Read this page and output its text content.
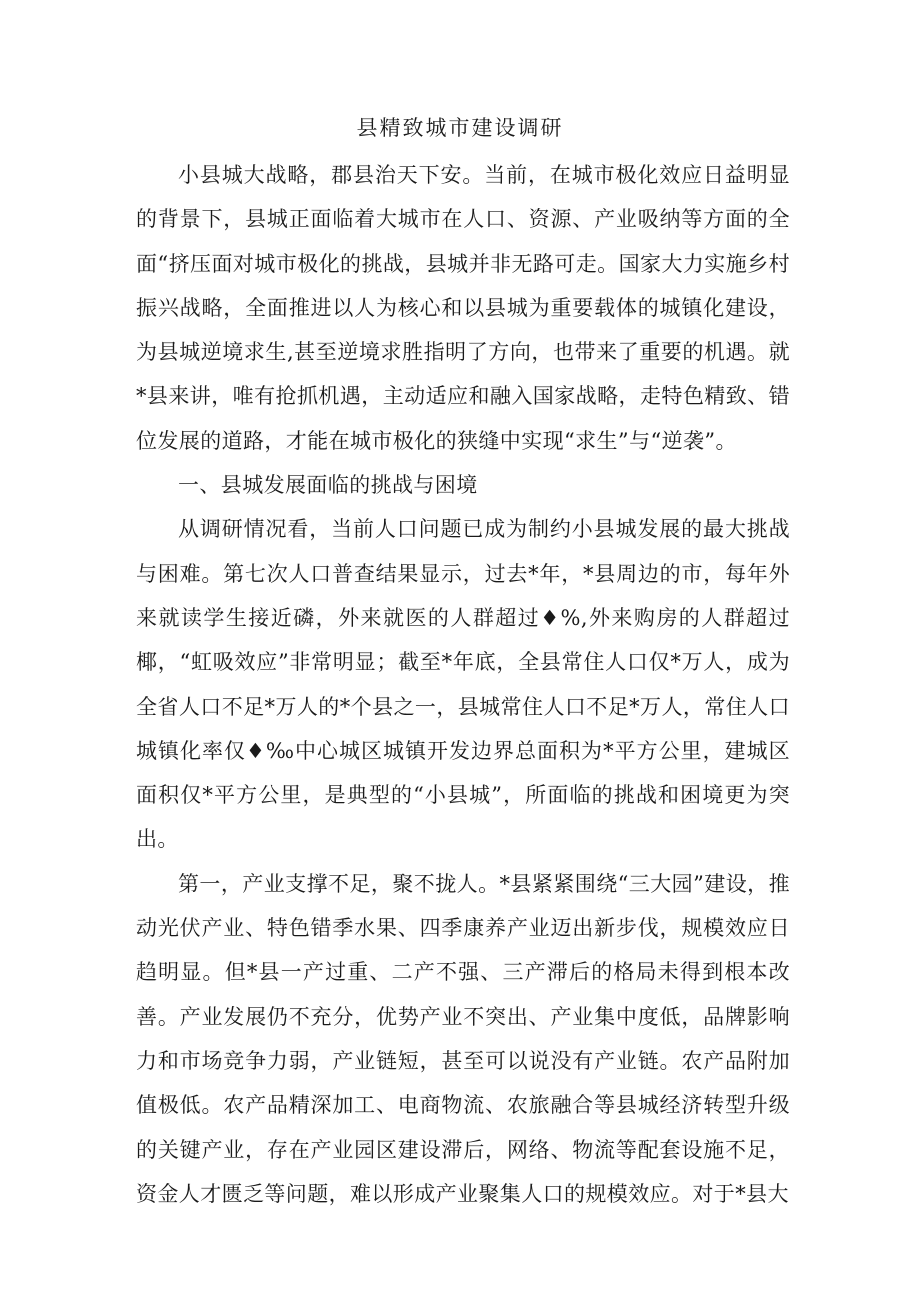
县精致城市建设调研

小县城大战略，郡县治天下安。当前，在城市极化效应日益明显的背景下，县城正面临着大城市在人口、资源、产业吸纳等方面的全面“挤压面对城市极化的挑战，县城并非无路可走。国家大力实施乡村振兴战略，全面推进以人为核心和以县城为重要载体的城镇化建设，为县城逆境求生,甚至逆境求胜指明了方向，也带来了重要的机遇。就*县来讲，唯有抢抓机遇，主动适应和融入国家战略，走特色精致、错位发展的道路，才能在城市极化的狭缝中实现“求生”与“逆袭”。

一、县城发展面临的挑战与困境

从调研情况看，当前人口问题已成为制约小县城发展的最大挑战与困难。第七次人口普查结果显示，过去*年，*县周边的市，每年外来就读学生接近磷，外来就医的人群超过♦%,外来购房的人群超过椰，“虹吸效应”非常明显；截至*年底，全县常住人口仅*万人，成为全省人口不足*万人的*个县之一，县城常住人口不足*万人，常住人口城镇化率仅♦‰中心城区城镇开发边界总面积为*平方公里，建城区面积仅*平方公里，是典型的“小县城”，所面临的挑战和困境更为突出。

第一，产业支撑不足，聚不拢人。*县紧紧围绕“三大园”建设，推动光伏产业、特色错季水果、四季康养产业迈出新步伐，规模效应日趋明显。但*县一产过重、二产不强、三产滞后的格局未得到根本改善。产业发展仍不充分，优势产业不突出、产业集中度低，品牌影响力和市场竞争力弱，产业链短，甚至可以说没有产业链。农产品附加值极低。农产品精深加工、电商物流、农旅融合等县城经济转型升级的关键产业，存在产业园区建设滞后，网络、物流等配套设施不足，资金人才匮乏等问题，难以形成产业聚集人口的规模效应。对于*县大
